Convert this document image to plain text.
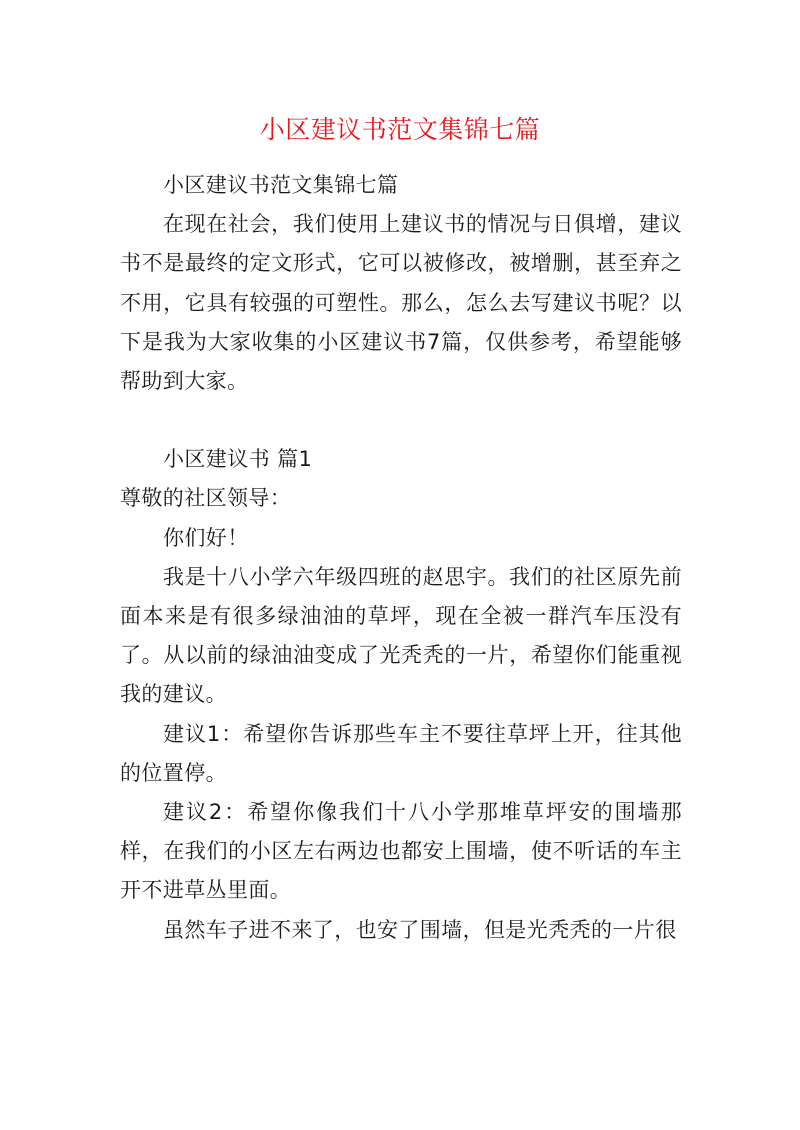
小区建议书范文集锦七篇

小区建议书范文集锦七篇

在现在社会，我们使用上建议书的情况与日俱增，建议书不是最终的定文形式，它可以被修改，被增删，甚至弃之不用，它具有较强的可塑性。那么，怎么去写建议书呢？以下是我为大家收集的小区建议书7篇，仅供参考，希望能够帮助到大家。

小区建议书 篇1

尊敬的社区领导：

你们好！

我是十八小学六年级四班的赵思宇。我们的社区原先前面本来是有很多绿油油的草坪，现在全被一群汽车压没有了。从以前的绿油油变成了光秃秃的一片，希望你们能重视我的建议。

建议1：希望你告诉那些车主不要往草坪上开，往其他的位置停。

建议2：希望你像我们十八小学那堆草坪安的围墙那样，在我们的小区左右两边也都安上围墙，使不听话的车主开不进草丛里面。

虽然车子进不来了，也安了围墙，但是光秃秃的一片很
